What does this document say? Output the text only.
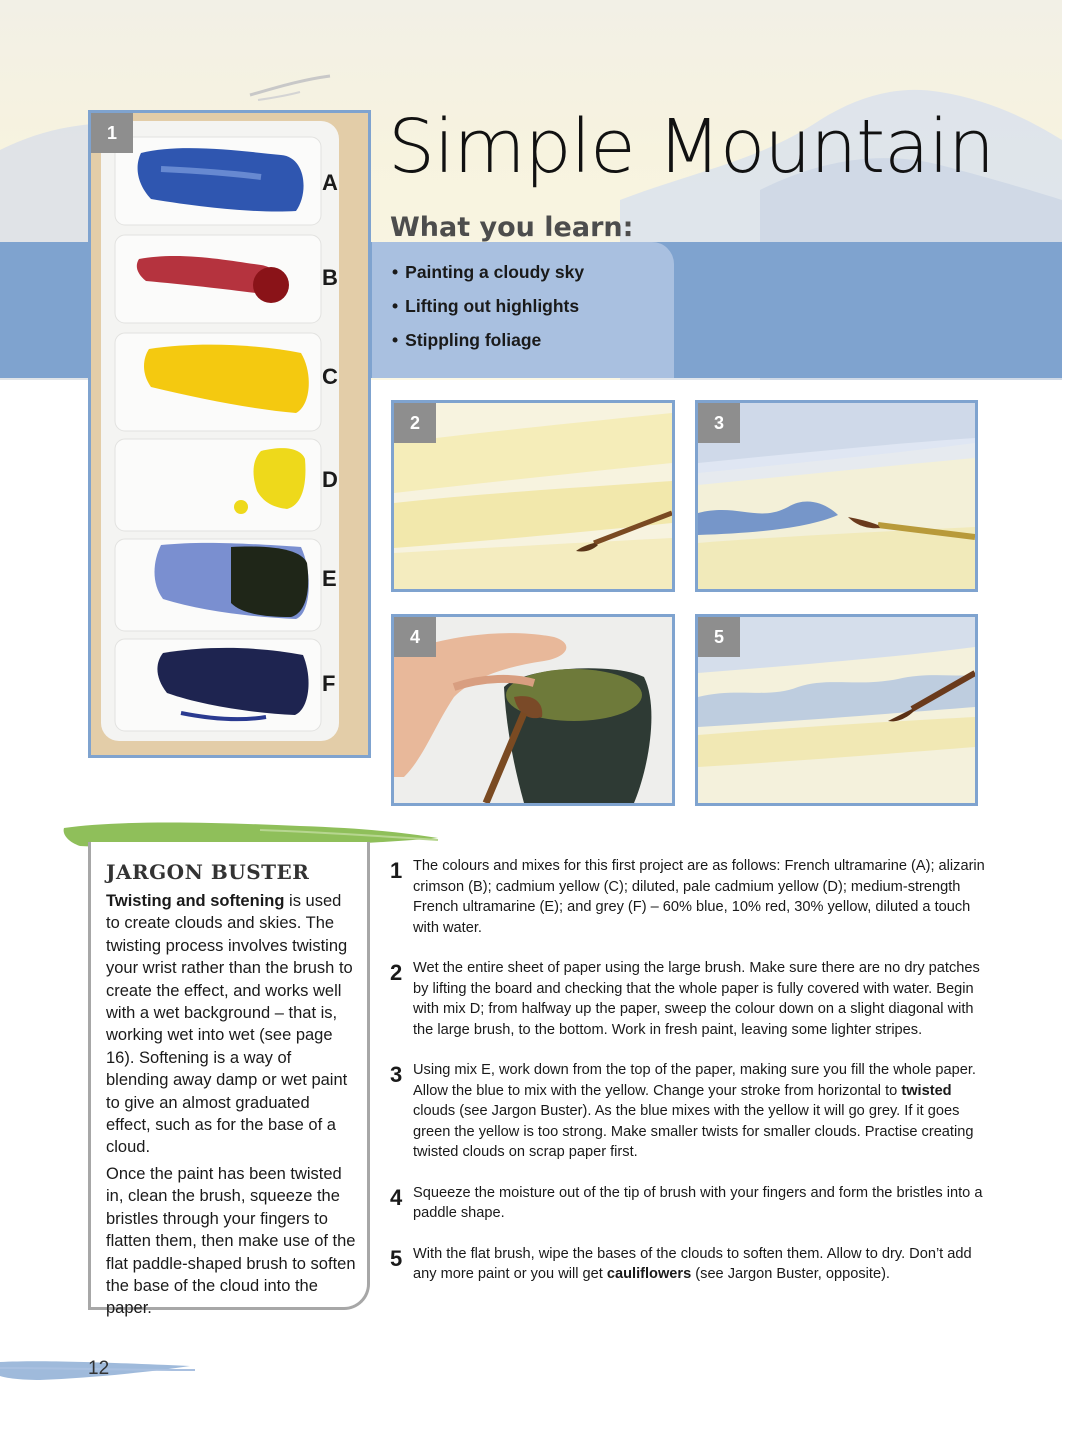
Simple Mountain
What you learn:
• Painting a cloudy sky
• Lifting out highlights
• Stippling foliage
1
A
B
C
D
E
F
2	3
4	5
JARGON BUSTER

Twisting and softening is used to create clouds and skies. The twisting process involves twisting your wrist rather than the brush to create the effect, and works well with a wet background – that is, working wet into wet (see page 16). Softening is a way of blending away damp or wet paint to give an almost graduated effect, such as for the base of a cloud.

Once the paint has been twisted in, clean the brush, squeeze the bristles through your fingers to flatten them, then make use of the flat paddle-shaped brush to soften the base of the cloud into the paper.

1 The colours and mixes for this first project are as follows: French ultramarine (A); alizarin crimson (B); cadmium yellow (C); diluted, pale cadmium yellow (D); medium-strength French ultramarine (E); and grey (F) – 60% blue, 10% red, 30% yellow, diluted a touch with water.
2 Wet the entire sheet of paper using the large brush. Make sure there are no dry patches by lifting the board and checking that the whole paper is fully covered with water. Begin with mix D; from halfway up the paper, sweep the colour down on a slight diagonal with the large brush, to the bottom. Work in fresh paint, leaving some lighter stripes.
3 Using mix E, work down from the top of the paper, making sure you fill the whole paper. Allow the blue to mix with the yellow. Change your stroke from horizontal to twisted clouds (see Jargon Buster). As the blue mixes with the yellow it will go grey. If it goes green the yellow is too strong. Make smaller twists for smaller clouds. Practise creating twisted clouds on scrap paper first.
4 Squeeze the moisture out of the tip of brush with your fingers and form the bristles into a paddle shape.
5 With the flat brush, wipe the bases of the clouds to soften them. Allow to dry. Don’t add any more paint or you will get cauliflowers (see Jargon Buster, opposite).
12
